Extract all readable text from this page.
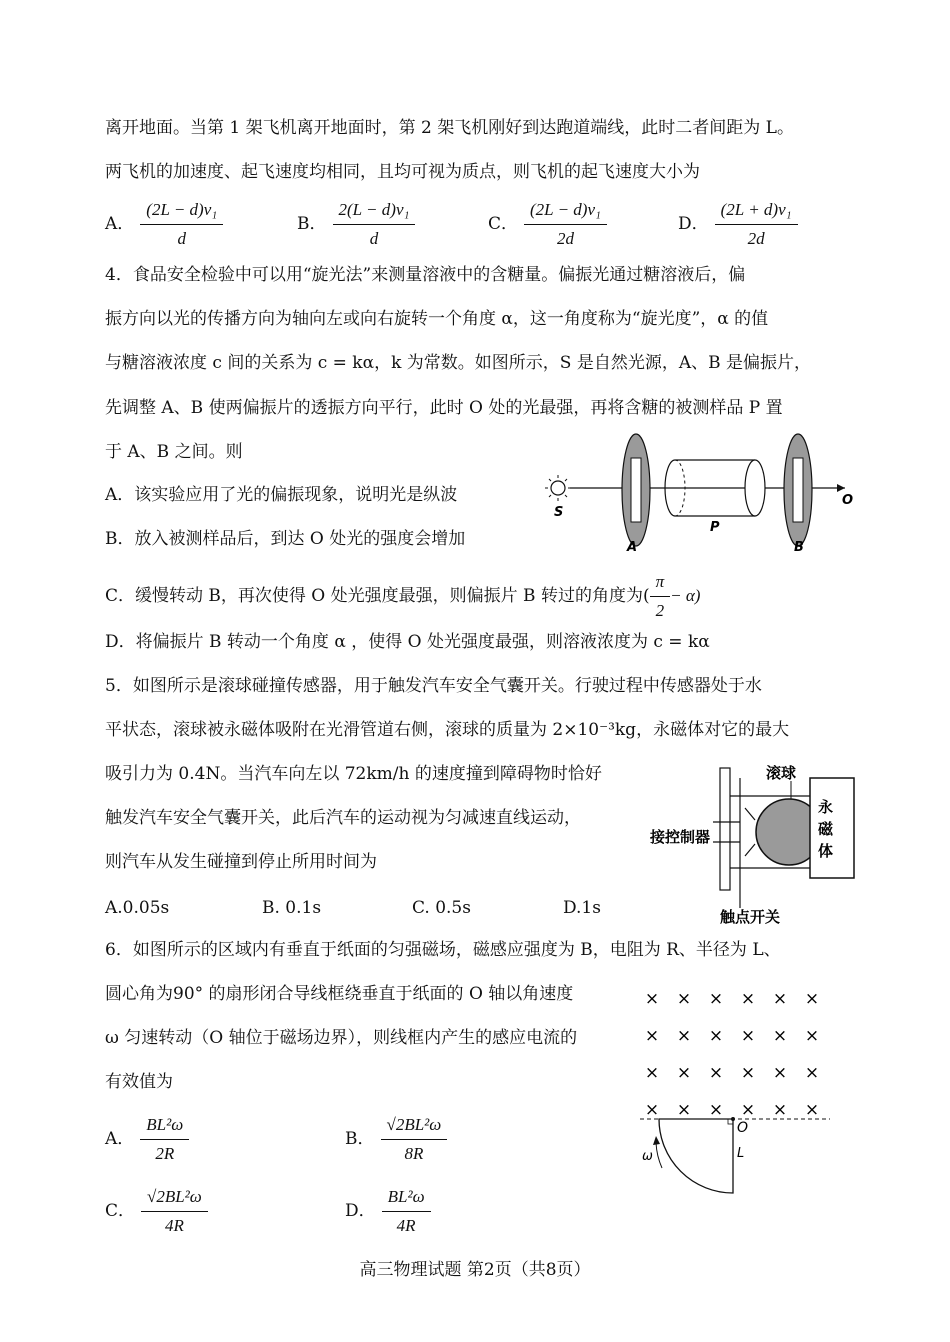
离开地面。当第 1 架飞机离开地面时，第 2 架飞机刚好到达跑道端线，此时二者间距为 L。
两飞机的加速度、起飞速度均相同，且均可视为质点，则飞机的起飞速度大小为
A． $\frac{\text{(2L − d)v₁}}{d}$	B． $\frac{\text{2(L − d)v₁}}{d}$	C． $\frac{\text{(2L − d)v₁}}{2d}$	D． $\frac{\text{(2L + d)v₁}}{2d}$
4．食品安全检验中可以用“旋光法”来测量溶液中的含糖量。偏振光通过糖溶液后，偏
振方向以光的传播方向为轴向左或向右旋转一个角度 α，这一角度称为“旋光度”，α 的值
与糖溶液浓度 c 间的关系为 c = kα，k 为常数。如图所示，S 是自然光源，A、B 是偏振片，
先调整 A、B 使两偏振片的透振方向平行，此时 O 处的光最强，再将含糖的被测样品 P 置
于 A、B 之间。则
A．该实验应用了光的偏振现象，说明光是纵波
B．放入被测样品后，到达 O 处光的强度会增加
C．缓慢转动 B，再次使得 O 处光强度最强，则偏振片 B 转过的角度为( $\frac{\pi}{2} - \alpha$)
D．将偏振片 B 转动一个角度 α ，使得 O 处光强度最强，则溶液浓度为 c = kα
S
A
P
B
O
5．如图所示是滚球碰撞传感器，用于触发汽车安全气囊开关。行驶过程中传感器处于水
平状态，滚球被永磁体吸附在光滑管道右侧，滚球的质量为 2×10⁻³kg，永磁体对它的最大
吸引力为 0.4N。当汽车向左以 72km/h 的速度撞到障碍物时恰好
触发汽车安全气囊开关，此后汽车的运动视为匀减速直线运动，
则汽车从发生碰撞到停止所用时间为
A.0.05s	B. 0.1s	C. 0.5s	D.1s
永
磁
体
滚球
接控制器
触点开关
6．如图所示的区域内有垂直于纸面的匀强磁场，磁感应强度为 B，电阻为 R、半径为 L、
圆心角为90° 的扇形闭合导线框绕垂直于纸面的 O 轴以角速度
ω 匀速转动（O 轴位于磁场边界），则线框内产生的感应电流的
有效值为
A． $\frac{\text{BL²ω}}{2R}$	B． $\frac{\text{√2BL²ω}}{8R}$
C． $\frac{\text{√2BL²ω}}{4R}$	D． $\frac{\text{BL²ω}}{4R}$
× × × × × ×
× × × × × ×
× × × × × ×
× × × × × ×
O
L
ω
高三物理试题 第2页（共8页）
